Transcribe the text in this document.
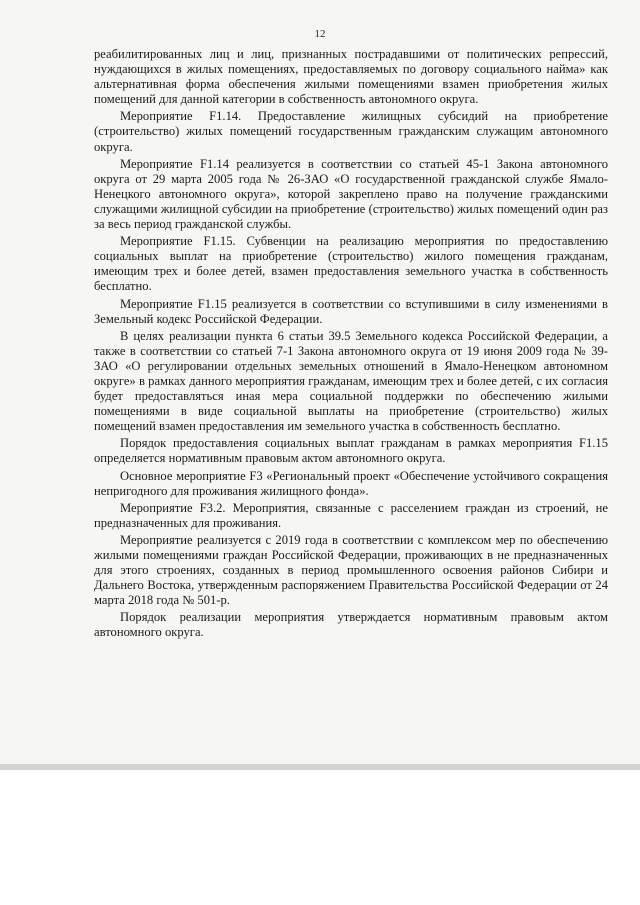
12

реабилитированных лиц и лиц, признанных пострадавшими от политических репрессий, нуждающихся в жилых помещениях, предоставляемых по договору социального найма» как альтернативная форма обеспечения жилыми помещениями взамен приобретения жилых помещений для данной категории в собственность автономного округа.

Мероприятие F1.14. Предоставление жилищных субсидий на приобретение (строительство) жилых помещений государственным гражданским служащим автономного округа.

Мероприятие F1.14 реализуется в соответствии со статьей 45-1 Закона автономного округа от 29 марта 2005 года № 26-ЗАО «О государственной гражданской службе Ямало-Ненецкого автономного округа», которой закреплено право на получение гражданскими служащими жилищной субсидии на приобретение (строительство) жилых помещений один раз за весь период гражданской службы.

Мероприятие F1.15. Субвенции на реализацию мероприятия по предоставлению социальных выплат на приобретение (строительство) жилого помещения гражданам, имеющим трех и более детей, взамен предоставления земельного участка в собственность бесплатно.

Мероприятие F1.15 реализуется в соответствии со вступившими в силу изменениями в Земельный кодекс Российской Федерации.

В целях реализации пункта 6 статьи 39.5 Земельного кодекса Российской Федерации, а также в соответствии со статьей 7-1 Закона автономного округа от 19 июня 2009 года № 39-ЗАО «О регулировании отдельных земельных отношений в Ямало-Ненецком автономном округе» в рамках данного мероприятия гражданам, имеющим трех и более детей, с их согласия будет предоставляться иная мера социальной поддержки по обеспечению жилыми помещениями в виде социальной выплаты на приобретение (строительство) жилых помещений взамен предоставления им земельного участка в собственность бесплатно.

Порядок предоставления социальных выплат гражданам в рамках мероприятия F1.15 определяется нормативным правовым актом автономного округа.

Основное мероприятие F3 «Региональный проект «Обеспечение устойчивого сокращения непригодного для проживания жилищного фонда».

Мероприятие F3.2. Мероприятия, связанные с расселением граждан из строений, не предназначенных для проживания.

Мероприятие реализуется с 2019 года в соответствии с комплексом мер по обеспечению жилыми помещениями граждан Российской Федерации, проживающих в не предназначенных для этого строениях, созданных в период промышленного освоения районов Сибири и Дальнего Востока, утвержденным распоряжением Правительства Российской Федерации от 24 марта 2018 года № 501-р.

Порядок реализации мероприятия утверждается нормативным правовым актом автономного округа.
